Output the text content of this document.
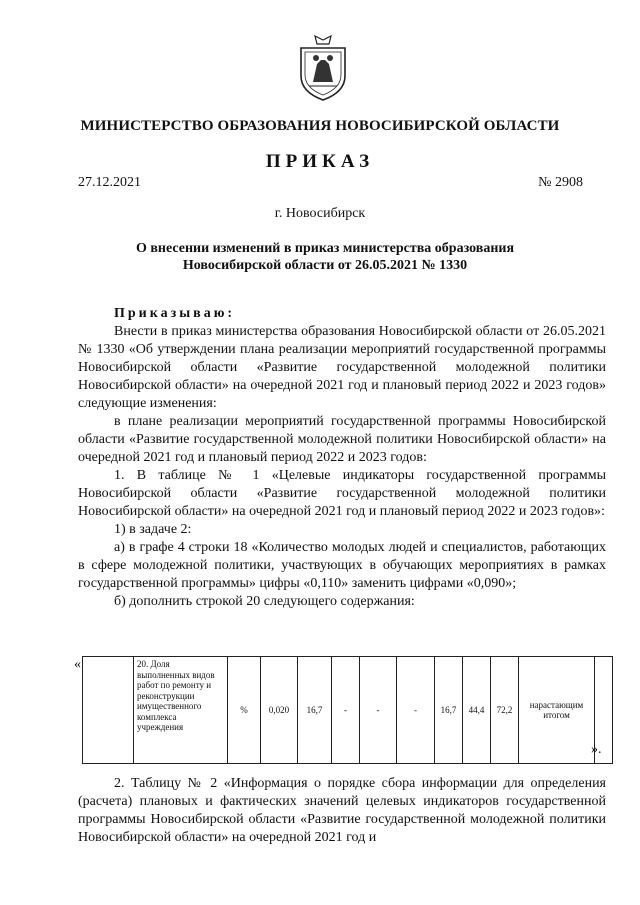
МИНИСТЕРСТВО ОБРАЗОВАНИЯ НОВОСИБИРСКОЙ ОБЛАСТИ
ПРИКАЗ
27.12.2021	№ 2908
г. Новосибирск
О внесении изменений в приказ министерства образования
Новосибирской области от 26.05.2021 № 1330

Приказываю:

Внести в приказ министерства образования Новосибирской области от 26.05.2021 № 1330 «Об утверждении плана реализации мероприятий государственной программы Новосибирской области «Развитие государственной молодежной политики Новосибирской области» на очередной 2021 год и плановый период 2022 и 2023 годов» следующие изменения:

в плане реализации мероприятий государственной программы Новосибирской области «Развитие государственной молодежной политики Новосибирской области» на очередной 2021 год и плановый период 2022 и 2023 годов:

1. В таблице № 1 «Целевые индикаторы государственной программы Новосибирской области «Развитие государственной молодежной политики Новосибирской области» на очередной 2021 год и плановый период 2022 и 2023 годов»:

1) в задаче 2:

а) в графе 4 строки 18 «Количество молодых людей и специалистов, работающих в сфере молодежной политики, участвующих в обучающих мероприятиях в рамках государственной программы» цифры «0,110» заменить цифрами «0,090»;

б) дополнить строкой 20 следующего содержания:

«
		20. Доля выполненных видов работ по ремонту и реконструкции имущественного комплекса учреждения	%	0,020	16,7	-	-	-	16,7	44,4	72,2	нарастающим итогом	
».

2. Таблицу № 2 «Информация о порядке сбора информации для определения (расчета) плановых и фактических значений целевых индикаторов государственной программы Новосибирской области «Развитие государственной молодежной политики Новосибирской области» на очередной 2021 год и
